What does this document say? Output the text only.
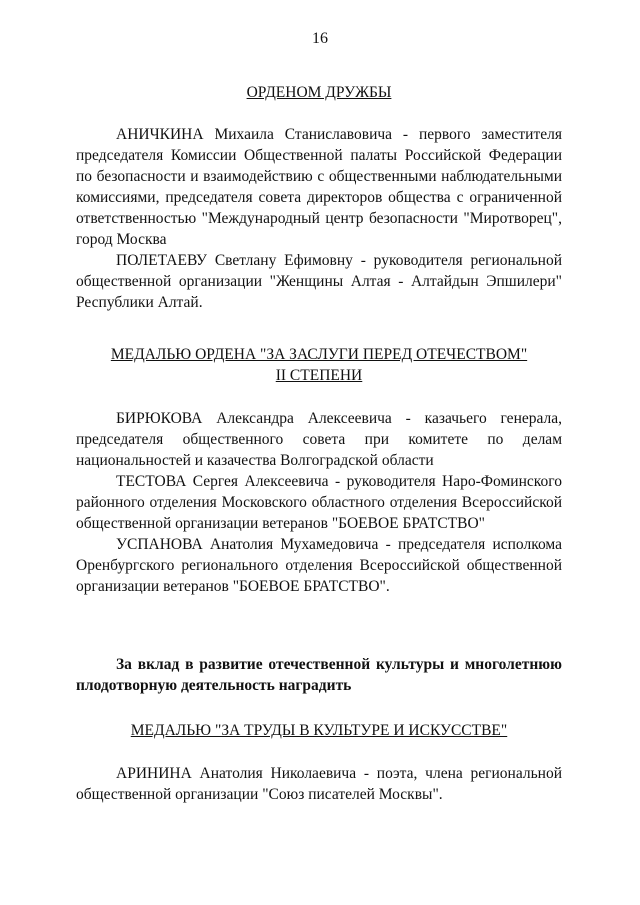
16

ОРДЕНОМ ДРУЖБЫ

АНИЧКИНА Михаила Станиславовича - первого заместителя председателя Комиссии Общественной палаты Российской Федерации по безопасности и взаимодействию с общественными наблюдательными комиссиями, председателя совета директоров общества с ограниченной ответственностью "Международный центр безопасности "Миротворец", город Москва

ПОЛЕТАЕВУ Светлану Ефимовну - руководителя региональной общественной организации "Женщины Алтая - Алтайдын Эпшилери" Республики Алтай.

МЕДАЛЬЮ ОРДЕНА "ЗА ЗАСЛУГИ ПЕРЕД ОТЕЧЕСТВОМ"

II СТЕПЕНИ

БИРЮКОВА Александра Алексеевича - казачьего генерала, председателя общественного совета при комитете по делам национальностей и казачества Волгоградской области

ТЕСТОВА Сергея Алексеевича - руководителя Наро-Фоминского районного отделения Московского областного отделения Всероссийской общественной организации ветеранов "БОЕВОЕ БРАТСТВО"

УСПАНОВА Анатолия Мухамедовича - председателя исполкома Оренбургского регионального отделения Всероссийской общественной организации ветеранов "БОЕВОЕ БРАТСТВО".

За вклад в развитие отечественной культуры и многолетнюю плодотворную деятельность наградить

МЕДАЛЬЮ "ЗА ТРУДЫ В КУЛЬТУРЕ И ИСКУССТВЕ"

АРИНИНА Анатолия Николаевича - поэта, члена региональной общественной организации "Союз писателей Москвы".
